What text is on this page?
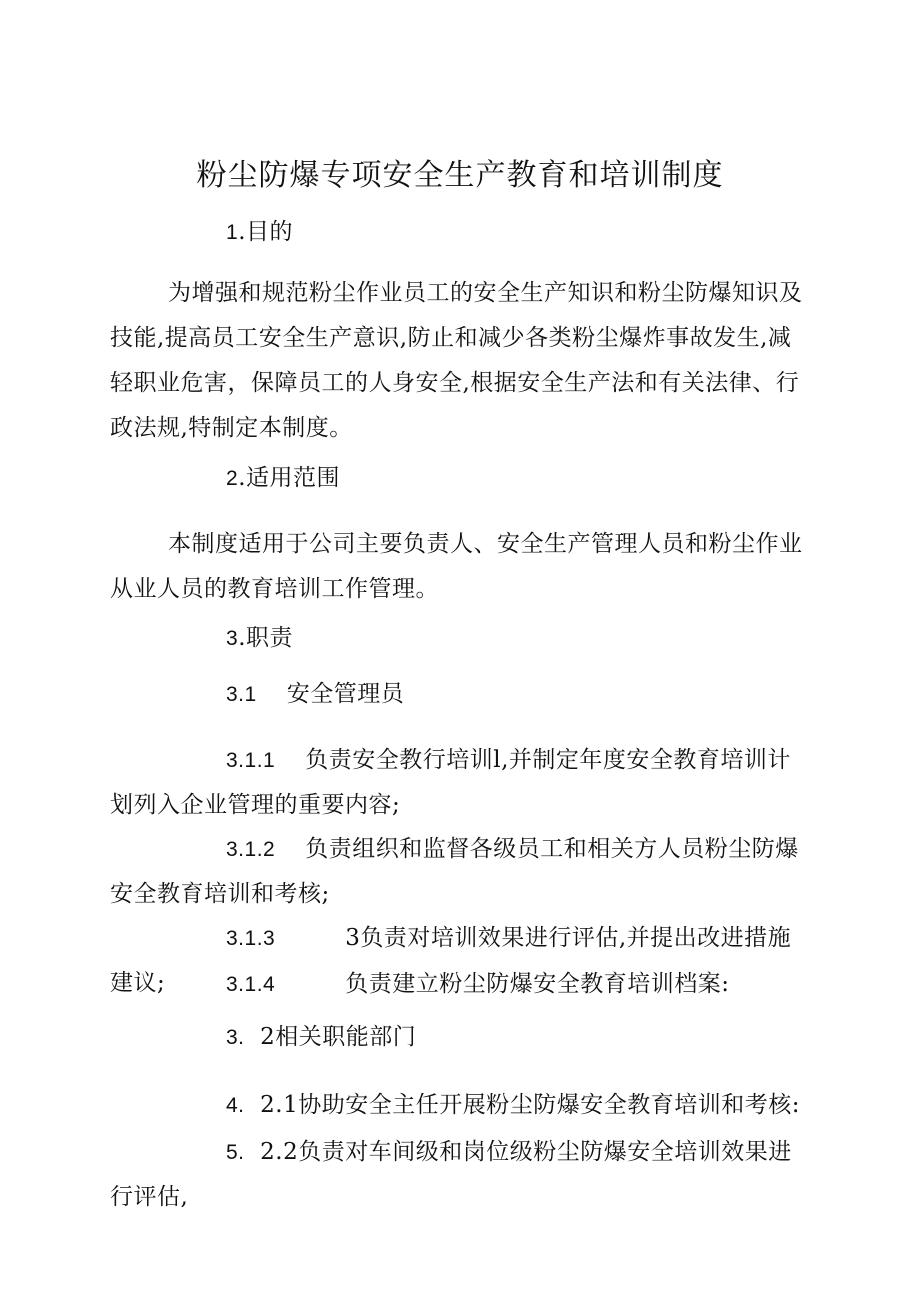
粉尘防爆专项安全生产教育和培训制度
1.目的
为增强和规范粉尘作业员工的安全生产知识和粉尘防爆知识及技能,提高员工安全生产意识,防止和减少各类粉尘爆炸事故发生,减轻职业危害，保障员工的人身安全,根据安全生产法和有关法律、行政法规,特制定本制度。
2.适用范围
本制度适用于公司主要负责人、安全生产管理人员和粉尘作业从业人员的教育培训工作管理。
3.职责
3.1 安全管理员
3.1.1 负责安全教行培训l,并制定年度安全教育培训计划列入企业管理的重要内容;
3.1.2 负责组织和监督各级员工和相关方人员粉尘防爆安全教育培训和考核;
3.1.3	3负责对培训效果进行评估,并提出改进措施建议;	3.1.4	负责建立粉尘防爆安全教育培训档案:
3. 2相关职能部门
4. 2.1协助安全主任开展粉尘防爆安全教育培训和考核:
5. 2.2负责对车间级和岗位级粉尘防爆安全培训效果进行评估,
